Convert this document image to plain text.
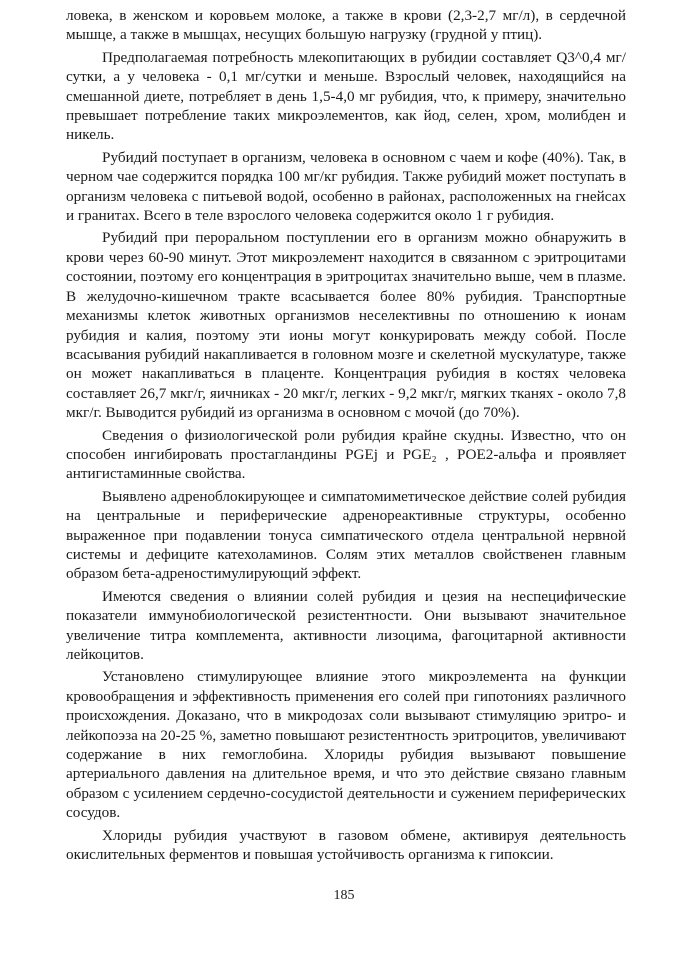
ловека, в женском и коровьем молоке, а также в крови (2,3-2,7 мг/л), в сердечной мышце, а также в мышцах, несущих большую нагрузку (грудной у птиц).

Предполагаемая потребность млекопитающих в рубидии составляет Q3^0,4 мг/сутки, а у человека - 0,1 мг/сутки и меньше. Взрослый человек, находящийся на смешанной диете, потребляет в день 1,5-4,0 мг рубидия, что, к примеру, значительно превышает потребление таких микроэлементов, как йод, селен, хром, молибден и никель.

Рубидий поступает в организм, человека в основном с чаем и кофе (40%). Так, в черном чае содержится порядка 100 мг/кг рубидия. Также рубидий может поступать в организм человека с питьевой водой, особенно в районах, расположенных на гнейсах и гранитах. Всего в теле взрослого человека содержится около 1 г рубидия.

Рубидий при пероральном поступлении его в организм можно обнаружить в крови через 60-90 минут. Этот микроэлемент находится в связанном с эритроцитами состоянии, поэтому его концентрация в эритроцитах значительно выше, чем в плазме. В желудочно-кишечном тракте всасывается более 80% рубидия. Транспортные механизмы клеток животных организмов неселективны по отношению к ионам рубидия и калия, поэтому эти ионы могут конкурировать между собой. После всасывания рубидий накапливается в головном мозге и скелетной мускулатуре, также он может накапливаться в плаценте. Концентрация рубидия в костях человека составляет 26,7 мкг/г, яичниках - 20 мкг/г, легких - 9,2 мкг/г, мягких тканях - около 7,8 мкг/г. Выводится рубидий из организма в основном с мочой (до 70%).

Сведения о физиологической роли рубидия крайне скудны. Известно, что он способен ингибировать простагландины PGEj и PGE₂ , POE2-альфа и проявляет антигистаминные свойства.

Выявлено адреноблокирующее и симпатомиметическое действие солей рубидия на центральные и периферические адренореактивные структуры, особенно выраженное при подавлении тонуса симпатического отдела центральной нервной системы и дефиците катехоламинов. Солям этих металлов свойственен главным образом бета-адреностимулирующий эффект.

Имеются сведения о влиянии солей рубидия и цезия на неспецифические показатели иммунобиологической резистентности. Они вызывают значительное увеличение титра комплемента, активности лизоцима, фагоцитарной активности лейкоцитов.

Установлено стимулирующее влияние этого микроэлемента на функции кровообращения и эффективность применения его солей при гипотониях различного происхождения. Доказано, что в микродозах соли вызывают стимуляцию эритро- и лейкопоэза на 20-25 %, заметно повышают резистентность эритроцитов, увеличивают содержание в них гемоглобина. Хлориды рубидия вызывают повышение артериального давления на длительное время, и что это действие связано главным образом с усилением сердечно-сосудистой деятельности и сужением периферических сосудов.

Хлориды рубидия участвуют в газовом обмене, активируя деятельность окислительных ферментов и повышая устойчивость организма к гипоксии.

185
